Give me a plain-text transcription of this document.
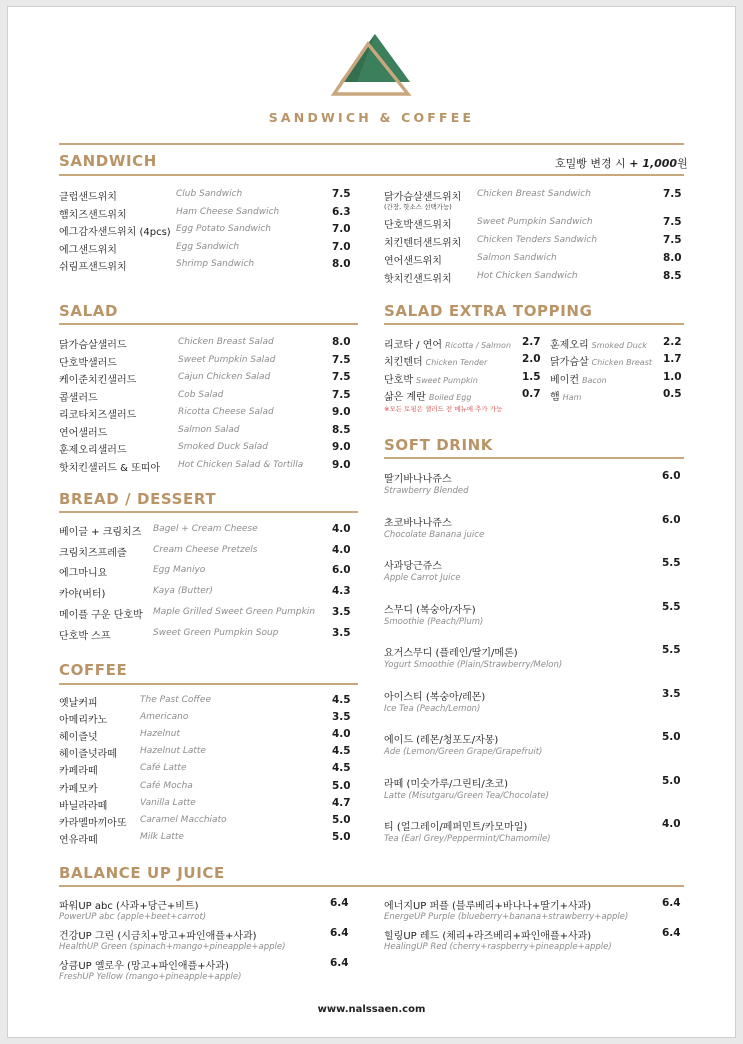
SANDWICH & COFFEE
SANDWICH	호밀빵 변경 시 + 1,000원
클럽샌드위치	Club Sandwich	7.5
햄치즈샌드위치	Ham Cheese Sandwich	6.3
에그감자샌드위치 (4pcs) Egg Potato Sandwich	7.0
에그샌드위치	Egg Sandwich	7.0
쉬림프샌드위치	Shrimp Sandwich	8.0
닭가슴살샌드위치 Chicken Breast Sandwich	7.5
단호박샌드위치	Sweet Pumpkin Sandwich	7.5
치킨텐더샌드위치 Chicken Tenders Sandwich	7.5
연어샌드위치	Salmon Sandwich	8.0
핫치킨샌드위치	Hot Chicken Sandwich	8.5
(간장, 핫소스 선택가능)
SALAD
닭가슴살샐러드	Chicken Breast Salad	8.0
단호박샐러드	Sweet Pumpkin Salad	7.5
케이준치킨샐러드	Cajun Chicken Salad	7.5
콥샐러드	Cob Salad	7.5
리코타치즈샐러드	Ricotta Cheese Salad	9.0
연어샐러드	Salmon Salad	8.5
훈제오리샐러드	Smoked Duck Salad	9.0
핫치킨샐러드 & 또띠아 Hot Chicken Salad & Tortilla	9.0
SALAD EXTRA TOPPING
리코타 / 연어 Ricotta / Salmon 2.7
치킨텐더 Chicken Tender	2.0
단호박 Sweet Pumpkin	1.5
삶은 계란 Boiled Egg	0.7
훈제오리 Smoked Duck 2.2
닭가슴살 Chicken Breast 1.7
베이컨 Bacon	1.0
햄 Ham	0.5
※모든 토핑은 샐러드 전 메뉴에 추가 가능
SOFT DRINK
딸기바나나쥬스
Strawberry Blended
6.0
초코바나나쥬스
Chocolate Banana juice
6.0
사과당근쥬스
Apple Carrot Juice
5.5
스무디 (복숭아/자두)
Smoothie (Peach/Plum)
5.5
요거스무디 (플레인/딸기/메론)
Yogurt Smoothie (Plain/Strawberry/Melon)
5.5
아이스티 (복숭아/레몬)
Ice Tea (Peach/Lemon)
3.5
에이드 (레몬/청포도/자몽)
Ade (Lemon/Green Grape/Grapefruit)
5.0
라떼 (미숫가루/그린티/초코)
Latte (Misutgaru/Green Tea/Chocolate)
5.0
티 (얼그레이/페퍼민트/카모마일)
Tea (Earl Grey/Peppermint/Chamomile)
4.0
BREAD / DESSERT
베이글 + 크림치즈 Bagel + Cream Cheese	4.0
크림치즈프레즐	Cream Cheese Pretzels	4.0
에그마니요	Egg Maniyo	6.0
카야(버터)	Kaya (Butter)	4.3
메이플 구운 단호박 Maple Grilled Sweet Green Pumpkin 3.5
단호박 스프	Sweet Green Pumpkin Soup	3.5
COFFEE
옛날커피	The Past Coffee	4.5
아메리카노	Americano	3.5
헤이즐넛	Hazelnut	4.0
헤이즐넛라떼	Hazelnut Latte	4.5
카페라떼	Café Latte	4.5
카페모카	Café Mocha	5.0
바닐라라떼	Vanilla Latte	4.7
카라멜마끼아또 Caramel Macchiato	5.0
연유라떼	Milk Latte	5.0
BALANCE UP JUICE
파워UP abc (사과+당근+비트)
PowerUP abc (apple+beet+carrot)
6.4
건강UP 그린 (시금치+망고+파인애플+사과)
HealthUP Green (spinach+mango+pineapple+apple)
6.4
상큼UP 옐로우 (망고+파인애플+사과)
FreshUP Yellow (mango+pineapple+apple)
6.4
에너지UP 퍼플 (블루베리+바나나+딸기+사과)
EnergeUP Purple (blueberry+banana+strawberry+apple)
6.4
힐링UP 레드 (체리+라즈베리+파인애플+사과)
HealingUP Red (cherry+raspberry+pineapple+apple)
6.4
www.nalssaen.com
